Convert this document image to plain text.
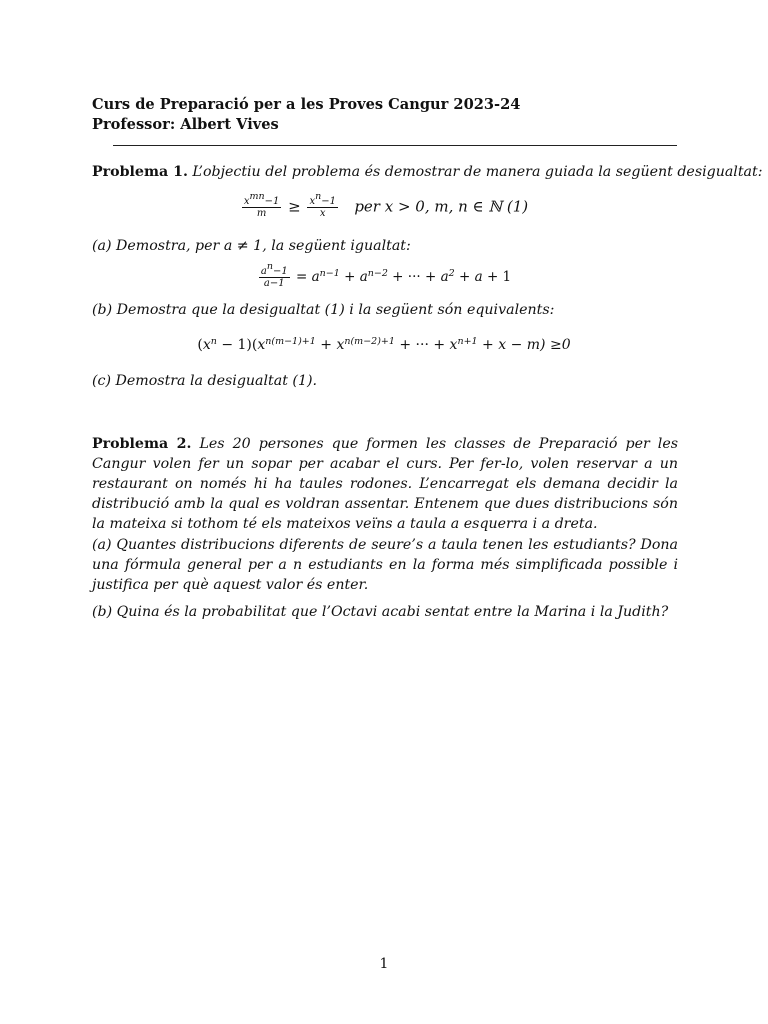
Curs de Preparació per a les Proves Cangur 2023-24
Professor: Albert Vives
Problema 1. L’objectiu del problema és demostrar de manera guiada la següent desigualtat:
$\frac{x^{mn}-1}{m} \ge \frac{x^n-1}{x}$ per x > 0, m, n ∈ ℕ (1)
(a) Demostra, per a ≠ 1, la següent igualtat:
$\frac{a^n-1}{a-1} = a^{n-1} + a^{n-2}$ + ··· + $a^2 + a + 1$
(b) Demostra que la desigualtat (1) i la següent són equivalents:
$(x^n - 1)(x^{n(m-1)+1} + x^{n(m-2)+1}$ + ··· + $x^{n+1} + x - m) \ge 0$
(c) Demostra la desigualtat (1).
Problema 2. Les 20 persones que formen les classes de Preparació per les Cangur volen fer un sopar per acabar el curs. Per fer-lo, volen reservar a un restaurant on només hi ha taules rodones. L’encarregat els demana decidir la distribució amb la qual es voldran assentar. Entenem que dues distribucions són la mateixa si tothom té els mateixos veïns a taula a esquerra i a dreta.
(a) Quantes distribucions diferents de seure’s a taula tenen les estudiants? Dona una fórmula general per a n estudiants en la forma més simplificada possible i justifica per què aquest valor és enter.
(b) Quina és la probabilitat que l’Octavi acabi sentat entre la Marina i la Judith?
1
